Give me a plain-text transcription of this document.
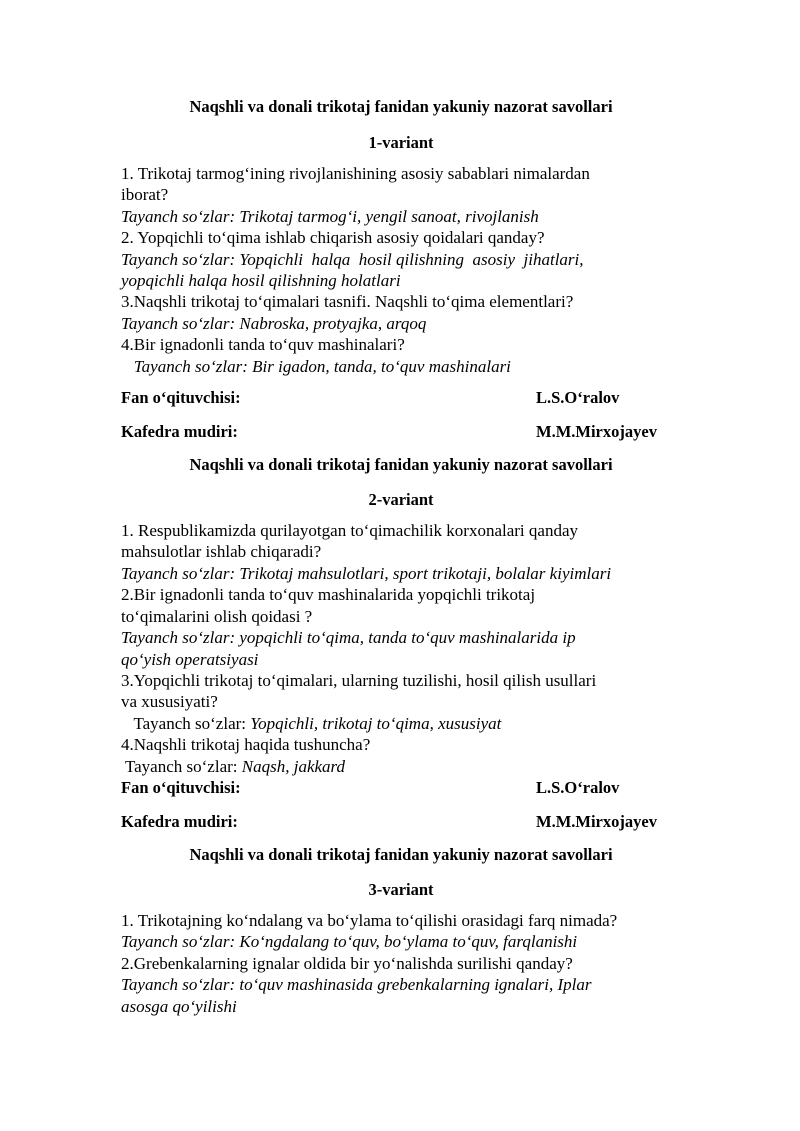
Naqshli va donali trikotaj fanidan yakuniy nazorat savollari
1-variant
1. Trikotaj tarmog‘ining rivojlanishining asosiy sabablari nimalardan
iborat?
Tayanch so‘zlar: Trikotaj tarmog‘i, yengil sanoat, rivojlanish
2. Yopqichli to‘qima ishlab chiqarish asosiy qoidalari qanday?
Tayanch so‘zlar: Yopqichli  halqa  hosil qilishning  asosiy  jihatlari,
yopqichli halqa hosil qilishning holatlari
3.Naqshli trikotaj to‘qimalari tasnifi. Naqshli to‘qima elementlari?
Tayanch so‘zlar: Nabroska, protyajka, arqoq
4.Bir ignadonli tanda to‘quv mashinalari?
Tayanch so‘zlar: Bir igadon, tanda, to‘quv mashinalari
Fan o‘qituvchisi:	L.S.O‘ralov
Kafedra mudiri:	M.M.Mirxojayev
Naqshli va donali trikotaj fanidan yakuniy nazorat savollari
2-variant
1. Respublikamizda qurilayotgan to‘qimachilik korxonalari qanday
mahsulotlar ishlab chiqaradi?
Tayanch so‘zlar: Trikotaj mahsulotlari, sport trikotaji, bolalar kiyimlari
2.Bir ignadonli tanda to‘quv mashinalarida yopqichli trikotaj
to‘qimalarini olish qoidasi ?
Tayanch so‘zlar: yopqichli to‘qima, tanda to‘quv mashinalarida ip
qo‘yish operatsiyasi
3.Yopqichli trikotaj to‘qimalari, ularning tuzilishi, hosil qilish usullari
va xususiyati?
Tayanch so‘zlar: Yopqichli, trikotaj to‘qima, xususiyat
4.Naqshli trikotaj haqida tushuncha?
Tayanch so‘zlar: Naqsh, jakkard
Fan o‘qituvchisi:	L.S.O‘ralov
Kafedra mudiri:	M.M.Mirxojayev
Naqshli va donali trikotaj fanidan yakuniy nazorat savollari
3-variant
1. Trikotajning ko‘ndalang va bo‘ylama to‘qilishi orasidagi farq nimada?
Tayanch so‘zlar: Ko‘ngdalang to‘quv, bo‘ylama to‘quv, farqlanishi
2.Grebenkalarning ignalar oldida bir yo‘nalishda surilishi qanday?
Tayanch so‘zlar: to‘quv mashinasida grebenkalarning ignalari, Iplar
asosga qo‘yilishi
